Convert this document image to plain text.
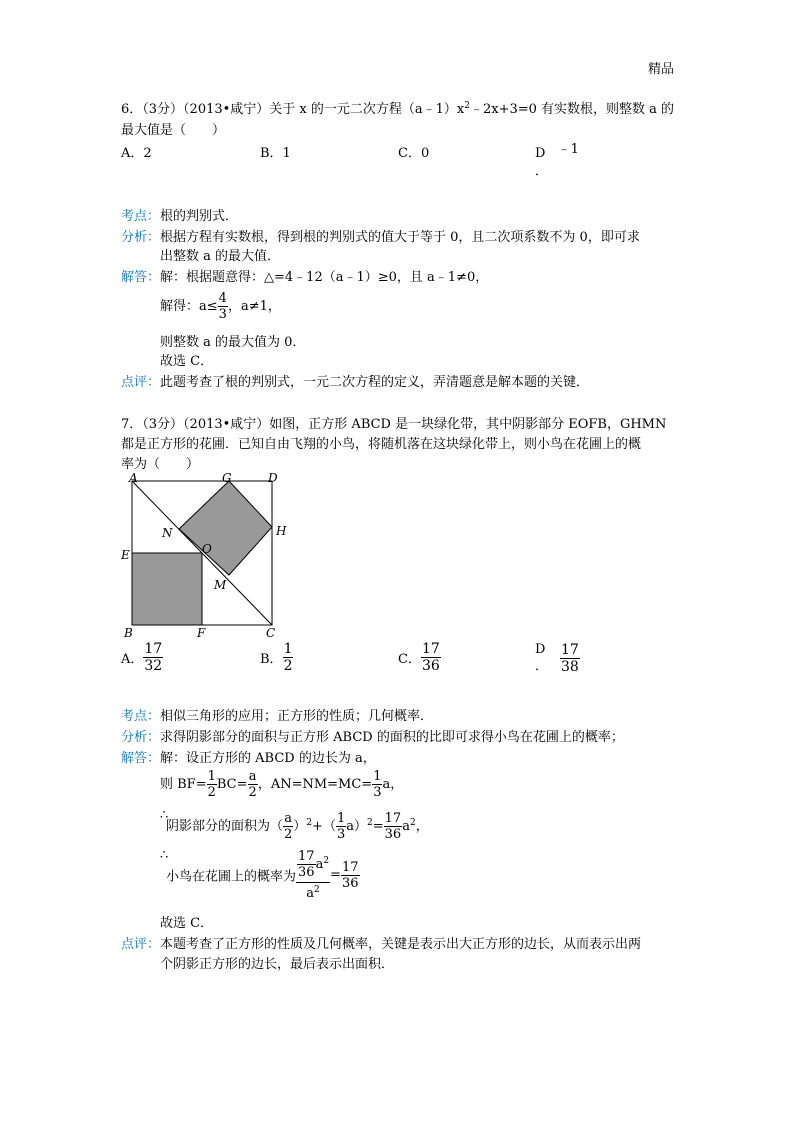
精品
6．（3分）（2013•咸宁）关于 x 的一元二次方程$(a﹣1)x^2﹣2x+3=0$ 有实数根，则整数 a 的
最大值是（　　）
A．2	B．1	C．0	D ﹣1
．
考点：根的判别式．
分析：根据方程有实数根，得到根的判别式的值大于等于 0，且二次项系数不为 0，即可求
出整数 a 的最大值．
解答：解：根据题意得：△=4﹣12（a﹣1）≥0，且 a﹣1≠0，
解得：$a\le \frac{4}{3}$ ，a≠1，
则整数 a 的最大值为 0．
故选 C．
点评：此题考查了根的判别式，一元二次方程的定义，弄清题意是解本题的关键．
7．（3分）（2013•咸宁）如图，正方形 ABCD 是一块绿化带，其中阴影部分 EOFB，GHMN
都是正方形的花圃．已知自由飞翔的小鸟，将随机落在这块绿化带上，则小鸟在花圃上的概
率为（　　）
A	G	D
N
O
H
E
M
B	F	C
A． $\frac{17}{32}$	B． $\frac{1}{2}$	C． $\frac{17}{36}$	D
． $\frac{17}{38}$
考点：相似三角形的应用；正方形的性质；几何概率．
分析：求得阴影部分的面积与正方形 ABCD 的面积的比即可求得小鸟在花圃上的概率；
解答：解：设正方形的 ABCD 的边长为 a，
则 $BF= \frac{1}{2} BC= \frac{a}{2}$ ，$AN=NM=MC= \frac{1}{3}$ a，
∴
阴影部分的面积为（ $\frac{a}{2} )^2+( \frac{1}{3} a)^2= \frac{17}{36} a^2$，
∴
小鸟在花圃上的概率为 $\frac{\frac{17}{36} a^2}{a^2} = \frac{17}{36}$
故选 C．
点评：本题考查了正方形的性质及几何概率，关键是表示出大正方形的边长，从而表示出两
个阴影正方形的边长，最后表示出面积．
